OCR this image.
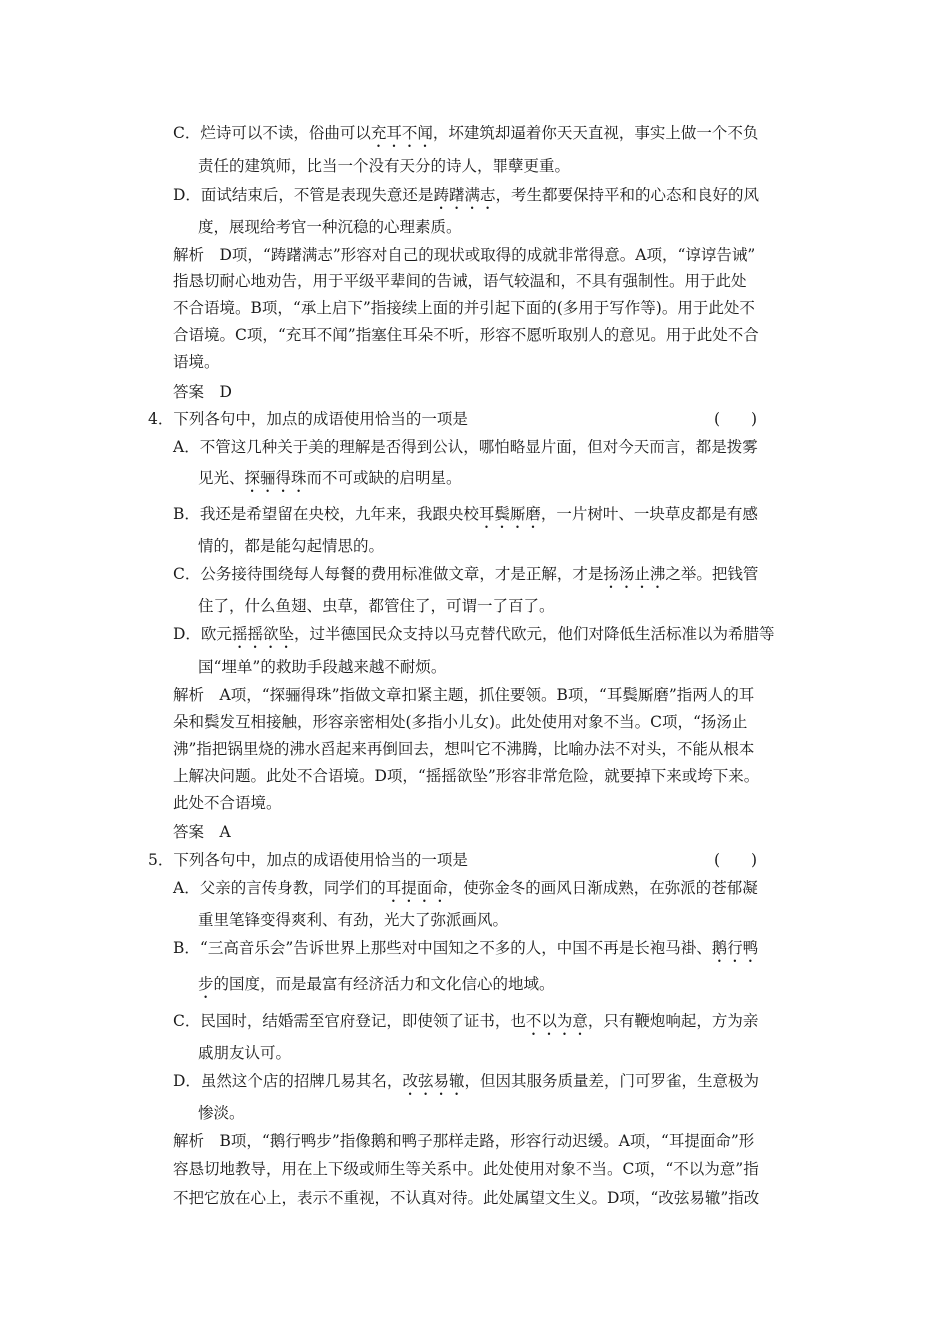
C．烂诗可以不读，俗曲可以充耳不闻，坏建筑却逼着你天天直视，事实上做一个不负
责任的建筑师，比当一个没有天分的诗人，罪孽更重。
D．面试结束后，不管是表现失意还是踌躇满志，考生都要保持平和的心态和良好的风
度，展现给考官一种沉稳的心理素质。
解析　D项，“踌躇满志”形容对自己的现状或取得的成就非常得意。A项，“谆谆告诫”
指恳切耐心地劝告，用于平级平辈间的告诫，语气较温和，不具有强制性。用于此处
不合语境。B项，“承上启下”指接续上面的并引起下面的(多用于写作等)。用于此处不
合语境。C项，“充耳不闻”指塞住耳朵不听，形容不愿听取别人的意见。用于此处不合
语境。
答案　D
4．下列各句中，加点的成语使用恰当的一项是	(　　)
A．不管这几种关于美的理解是否得到公认，哪怕略显片面，但对今天而言，都是拨雾
见光、探骊得珠而不可或缺的启明星。
B．我还是希望留在央校，九年来，我跟央校耳鬓厮磨，一片树叶、一块草皮都是有感
情的，都是能勾起情思的。
C．公务接待围绕每人每餐的费用标准做文章，才是正解，才是扬汤止沸之举。把钱管
住了，什么鱼翅、虫草，都管住了，可谓一了百了。
D．欧元摇摇欲坠，过半德国民众支持以马克替代欧元，他们对降低生活标准以为希腊等
国“埋单”的救助手段越来越不耐烦。
解析　A项，“探骊得珠”指做文章扣紧主题，抓住要领。B项，“耳鬓厮磨”指两人的耳
朵和鬓发互相接触，形容亲密相处(多指小儿女)。此处使用对象不当。C项，“扬汤止
沸”指把锅里烧的沸水舀起来再倒回去，想叫它不沸腾，比喻办法不对头，不能从根本
上解决问题。此处不合语境。D项，“摇摇欲坠”形容非常危险，就要掉下来或垮下来。
此处不合语境。
答案　A
5．下列各句中，加点的成语使用恰当的一项是	(　　)
A．父亲的言传身教，同学们的耳提面命，使弥金冬的画风日渐成熟，在弥派的苍郁凝
重里笔锋变得爽利、有劲，光大了弥派画风。
B．“三高音乐会”告诉世界上那些对中国知之不多的人，中国不再是长袍马褂、鹅行鸭
步的国度，而是最富有经济活力和文化信心的地域。
C．民国时，结婚需至官府登记，即使领了证书，也不以为意，只有鞭炮响起，方为亲
戚朋友认可。
D．虽然这个店的招牌几易其名，改弦易辙，但因其服务质量差，门可罗雀，生意极为
惨淡。
解析　B项，“鹅行鸭步”指像鹅和鸭子那样走路，形容行动迟缓。A项，“耳提面命”形
容恳切地教导，用在上下级或师生等关系中。此处使用对象不当。C项，“不以为意”指
不把它放在心上，表示不重视，不认真对待。此处属望文生义。D项，“改弦易辙”指改
